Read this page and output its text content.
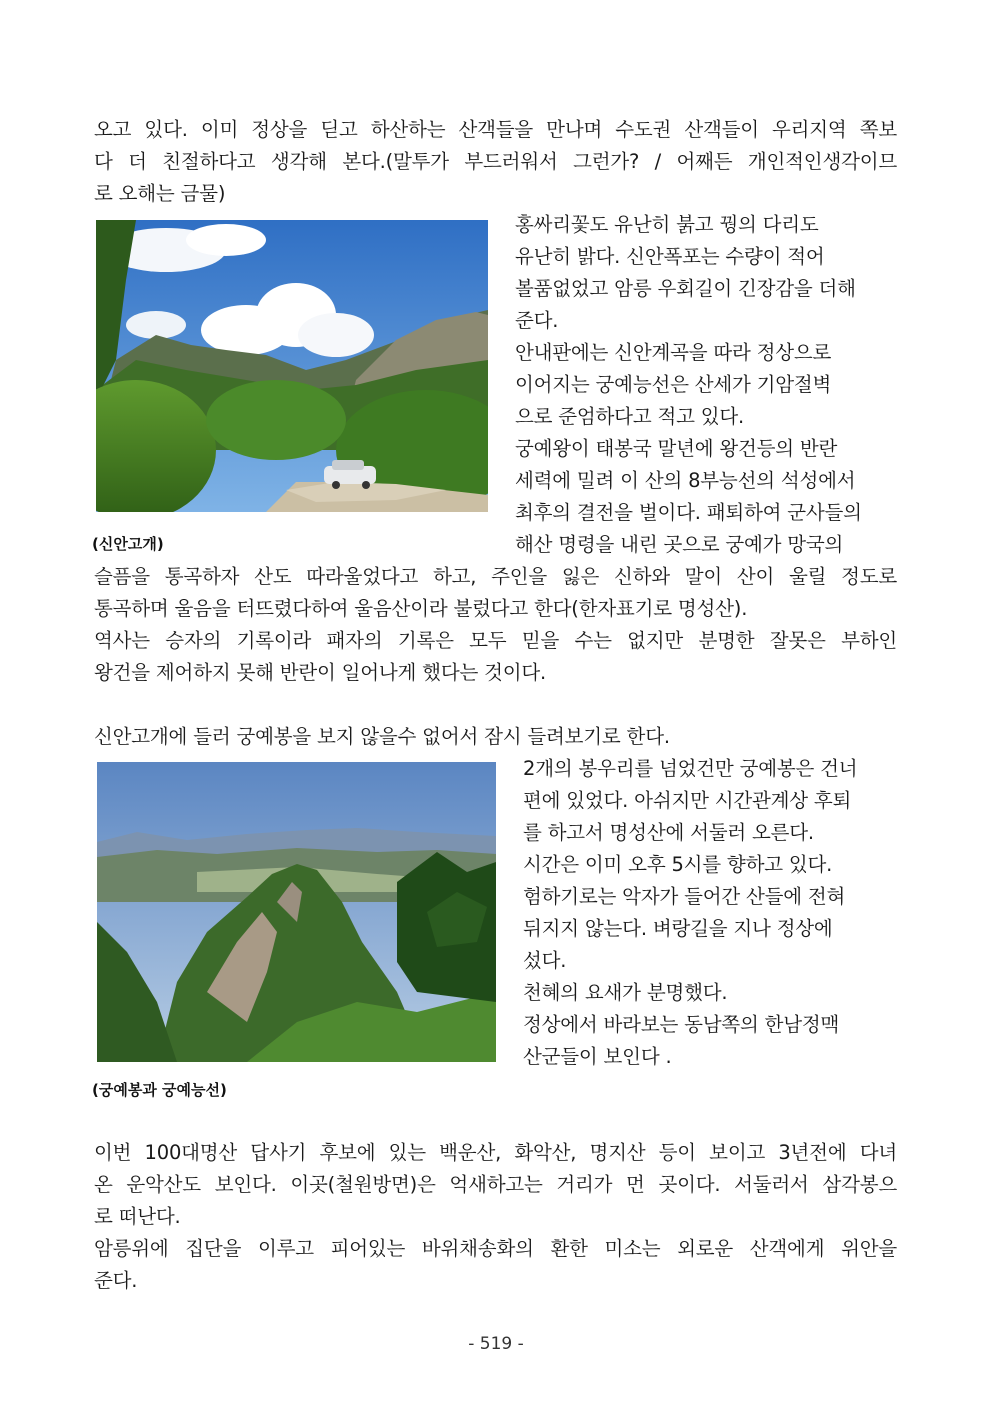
오고 있다. 이미 정상을 딛고 하산하는 산객들을 만나며 수도권 산객들이 우리지역 쪽보
다 더 친절하다고 생각해 본다.(말투가 부드러워서 그런가? / 어째든 개인적인생각이므
로 오해는 금물)
(신안고개)
홍싸리꽃도 유난히 붉고 꿩의 다리도
유난히 밝다. 신안폭포는 수량이 적어
볼품없었고 암릉 우회길이 긴장감을 더해
준다.
안내판에는 신안계곡을 따라 정상으로
이어지는 궁예능선은 산세가 기암절벽
으로 준엄하다고 적고 있다.
궁예왕이 태봉국 말년에 왕건등의 반란
세력에 밀려 이 산의 8부능선의 석성에서
최후의 결전을 벌이다. 패퇴하여 군사들의
해산 명령을 내린 곳으로 궁예가 망국의
슬픔을 통곡하자 산도 따라울었다고 하고, 주인을 잃은 신하와 말이 산이 울릴 정도로
통곡하며 울음을 터뜨렸다하여 울음산이라 불렀다고 한다(한자표기로 명성산).
역사는 승자의 기록이라 패자의 기록은 모두 믿을 수는 없지만 분명한 잘못은 부하인
왕건을 제어하지 못해 반란이 일어나게 했다는 것이다.
신안고개에 들러 궁예봉을 보지 않을수 없어서 잠시 들려보기로 한다.
(궁예봉과 궁예능선)
2개의 봉우리를 넘었건만 궁예봉은 건너
편에 있었다. 아쉬지만 시간관계상 후퇴
를 하고서 명성산에 서둘러 오른다.
시간은 이미 오후 5시를 향하고 있다.
험하기로는 악자가 들어간 산들에 전혀
뒤지지 않는다. 벼랑길을 지나 정상에
섰다.
천혜의 요새가 분명했다.
정상에서 바라보는 동남쪽의 한남정맥
산군들이 보인다 .
이번 100대명산 답사기 후보에 있는 백운산, 화악산, 명지산 등이 보이고 3년전에 다녀
온 운악산도 보인다. 이곳(철원방면)은 억새하고는 거리가 먼 곳이다. 서둘러서 삼각봉으
로 떠난다.
암릉위에 집단을 이루고 피어있는 바위채송화의 환한 미소는 외로운 산객에게 위안을
준다.
- 519 -
